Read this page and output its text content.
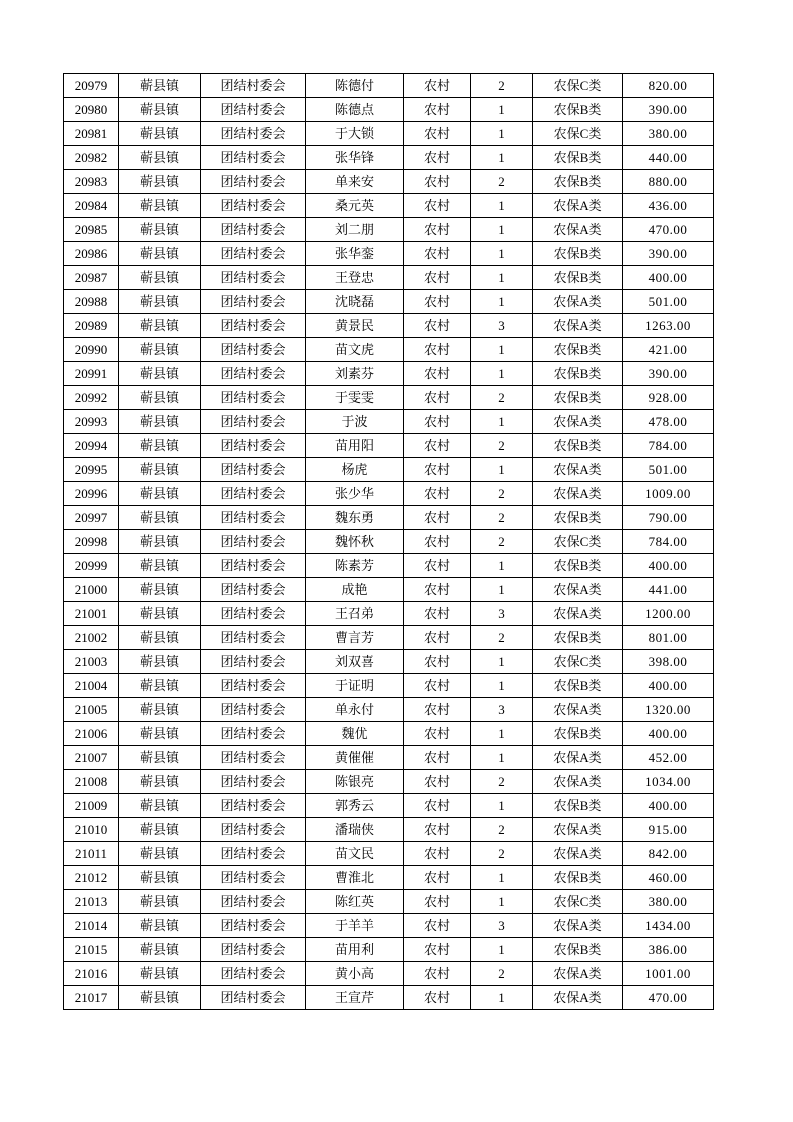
20979	蕲县镇	团结村委会	陈德付	农村	2	农保C类	820.00
20980	蕲县镇	团结村委会	陈德点	农村	1	农保B类	390.00
20981	蕲县镇	团结村委会	于大锁	农村	1	农保C类	380.00
20982	蕲县镇	团结村委会	张华锋	农村	1	农保B类	440.00
20983	蕲县镇	团结村委会	单来安	农村	2	农保B类	880.00
20984	蕲县镇	团结村委会	桑元英	农村	1	农保A类	436.00
20985	蕲县镇	团结村委会	刘二朋	农村	1	农保A类	470.00
20986	蕲县镇	团结村委会	张华銮	农村	1	农保B类	390.00
20987	蕲县镇	团结村委会	王登忠	农村	1	农保B类	400.00
20988	蕲县镇	团结村委会	沈晓磊	农村	1	农保A类	501.00
20989	蕲县镇	团结村委会	黄景民	农村	3	农保A类	1263.00
20990	蕲县镇	团结村委会	苗文虎	农村	1	农保B类	421.00
20991	蕲县镇	团结村委会	刘素芬	农村	1	农保B类	390.00
20992	蕲县镇	团结村委会	于雯雯	农村	2	农保B类	928.00
20993	蕲县镇	团结村委会	于波	农村	1	农保A类	478.00
20994	蕲县镇	团结村委会	苗用阳	农村	2	农保B类	784.00
20995	蕲县镇	团结村委会	杨虎	农村	1	农保A类	501.00
20996	蕲县镇	团结村委会	张少华	农村	2	农保A类	1009.00
20997	蕲县镇	团结村委会	魏东勇	农村	2	农保B类	790.00
20998	蕲县镇	团结村委会	魏怀秋	农村	2	农保C类	784.00
20999	蕲县镇	团结村委会	陈素芳	农村	1	农保B类	400.00
21000	蕲县镇	团结村委会	成艳	农村	1	农保A类	441.00
21001	蕲县镇	团结村委会	王召弟	农村	3	农保A类	1200.00
21002	蕲县镇	团结村委会	曹言芳	农村	2	农保B类	801.00
21003	蕲县镇	团结村委会	刘双喜	农村	1	农保C类	398.00
21004	蕲县镇	团结村委会	于证明	农村	1	农保B类	400.00
21005	蕲县镇	团结村委会	单永付	农村	3	农保A类	1320.00
21006	蕲县镇	团结村委会	魏优	农村	1	农保B类	400.00
21007	蕲县镇	团结村委会	黄催催	农村	1	农保A类	452.00
21008	蕲县镇	团结村委会	陈银亮	农村	2	农保A类	1034.00
21009	蕲县镇	团结村委会	郭秀云	农村	1	农保B类	400.00
21010	蕲县镇	团结村委会	潘瑞侠	农村	2	农保A类	915.00
21011	蕲县镇	团结村委会	苗文民	农村	2	农保A类	842.00
21012	蕲县镇	团结村委会	曹淮北	农村	1	农保B类	460.00
21013	蕲县镇	团结村委会	陈红英	农村	1	农保C类	380.00
21014	蕲县镇	团结村委会	于羊羊	农村	3	农保A类	1434.00
21015	蕲县镇	团结村委会	苗用利	农村	1	农保B类	386.00
21016	蕲县镇	团结村委会	黄小高	农村	2	农保A类	1001.00
21017	蕲县镇	团结村委会	王宣芹	农村	1	农保A类	470.00
